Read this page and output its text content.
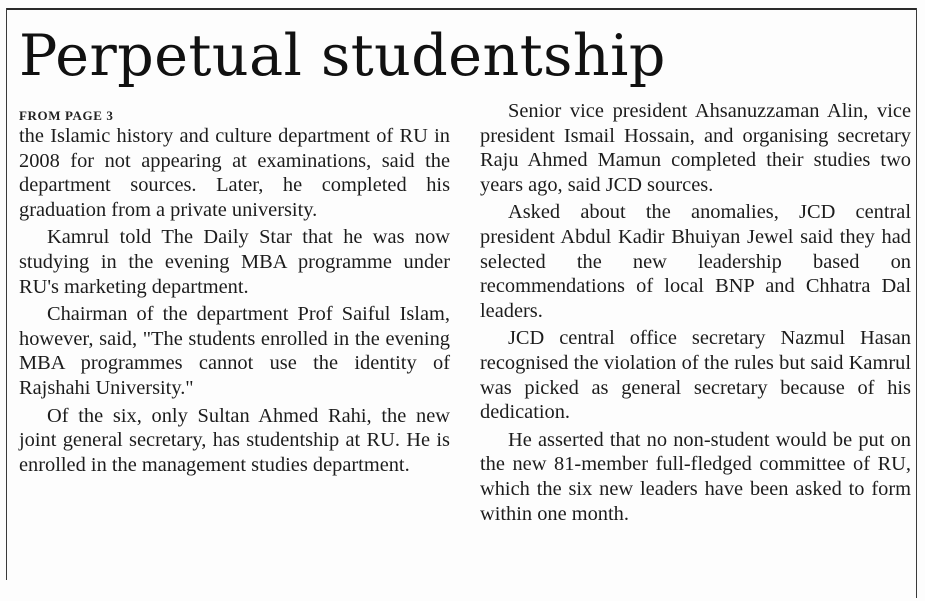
Perpetual studentship
FROM PAGE 3

the Islamic history and culture department of RU in 2008 for not appearing at examinations, said the department sources. Later, he completed his graduation from a private university.

Kamrul told The Daily Star that he was now studying in the evening MBA programme under RU's marketing department.

Chairman of the department Prof Saiful Islam, however, said, "The students enrolled in the evening MBA programmes cannot use the identity of Rajshahi University."

Of the six, only Sultan Ahmed Rahi, the new joint general secretary, has studentship at RU. He is enrolled in the management studies department.

Senior vice president Ahsanuzzaman Alin, vice president Ismail Hossain, and organising secretary Raju Ahmed Mamun completed their studies two years ago, said JCD sources.

Asked about the anomalies, JCD central president Abdul Kadir Bhuiyan Jewel said they had selected the new leadership based on recommendations of local BNP and Chhatra Dal leaders.

JCD central office secretary Nazmul Hasan recognised the violation of the rules but said Kamrul was picked as general secretary because of his dedication.

He asserted that no non-student would be put on the new 81-member full-fledged committee of RU, which the six new leaders have been asked to form within one month.
